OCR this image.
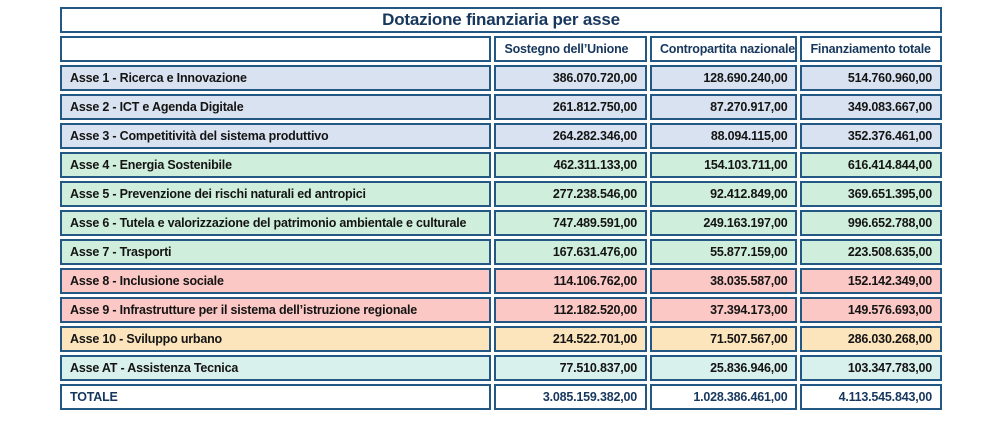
Dotazione finanziaria per asse			
	Sostegno dell’Unione	Contropartita nazionale	Finanziamento totale
Asse 1 - Ricerca e Innovazione	386.070.720,00	128.690.240,00	514.760.960,00
Asse 2 - ICT e Agenda Digitale	261.812.750,00	87.270.917,00	349.083.667,00
Asse 3 - Competitività del sistema produttivo	264.282.346,00	88.094.115,00	352.376.461,00
Asse 4 - Energia Sostenibile	462.311.133,00	154.103.711,00	616.414.844,00
Asse 5 - Prevenzione dei rischi naturali ed antropici	277.238.546,00	92.412.849,00	369.651.395,00
Asse 6 - Tutela e valorizzazione del patrimonio ambientale e culturale	747.489.591,00	249.163.197,00	996.652.788,00
Asse 7 - Trasporti	167.631.476,00	55.877.159,00	223.508.635,00
Asse 8 - Inclusione sociale	114.106.762,00	38.035.587,00	152.142.349,00
Asse 9 - Infrastrutture per il sistema dell’istruzione regionale	112.182.520,00	37.394.173,00	149.576.693,00
Asse 10 - Sviluppo urbano	214.522.701,00	71.507.567,00	286.030.268,00
Asse AT - Assistenza Tecnica	77.510.837,00	25.836.946,00	103.347.783,00
TOTALE	3.085.159.382,00	1.028.386.461,00	4.113.545.843,00
